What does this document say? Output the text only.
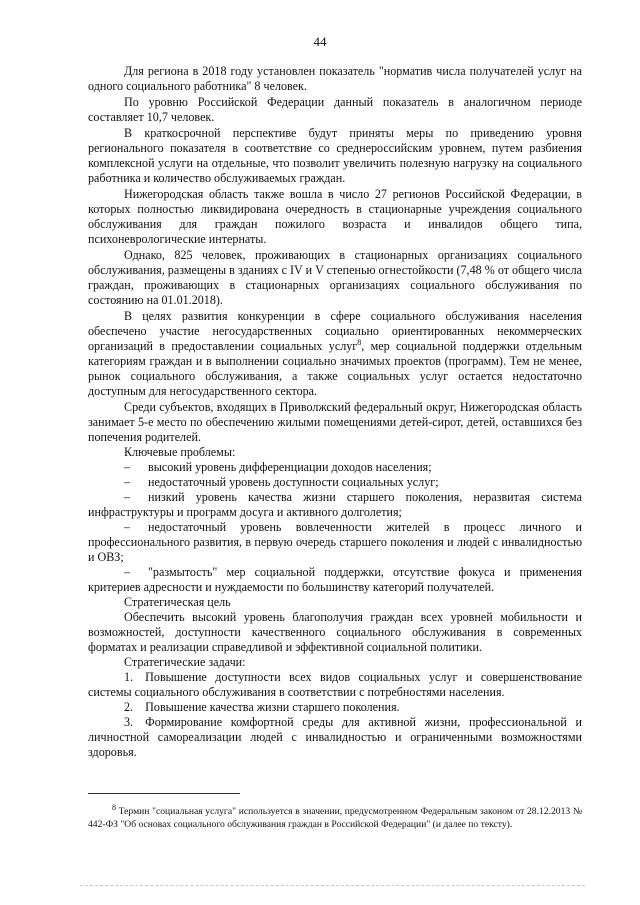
44

Для региона в 2018 году установлен показатель "норматив числа получателей услуг на одного социального работника" 8 человек.

По уровню Российской Федерации данный показатель в аналогичном периоде составляет 10,7 человек.

В краткосрочной перспективе будут приняты меры по приведению уровня регионального показателя в соответствие со среднероссийским уровнем, путем разбиения комплексной услуги на отдельные, что позволит увеличить полезную нагрузку на социального работника и количество обслуживаемых граждан.

Нижегородская область также вошла в число 27 регионов Российской Федерации, в которых полностью ликвидирована очередность в стационарные учреждения социального обслуживания для граждан пожилого возраста и инвалидов общего типа, психоневрологические интернаты.

Однако, 825 человек, проживающих в стационарных организациях социального обслуживания, размещены в зданиях с IV и V степенью огнестойкости (7,48 % от общего числа граждан, проживающих в стационарных организациях социального обслуживания по состоянию на 01.01.2018).

В целях развития конкуренции в сфере социального обслуживания населения обеспечено участие негосударственных социально ориентированных некоммерческих организаций в предоставлении социальных услуг$^8$, мер социальной поддержки отдельным категориям граждан и в выполнении социально значимых проектов (программ). Тем не менее, рынок социального обслуживания, а также социальных услуг остается недостаточно доступным для негосударственного сектора.

Среди субъектов, входящих в Приволжский федеральный округ, Нижегородская область занимает 5-е место по обеспечению жилыми помещениями детей-сирот, детей, оставшихся без попечения родителей.

Ключевые проблемы:

– высокий уровень дифференциации доходов населения;
– недостаточный уровень доступности социальных услуг;
– низкий уровень качества жизни старшего поколения, неразвитая система инфраструктуры и программ досуга и активного долголетия;
– недостаточный уровень вовлеченности жителей в процесс личного и профессионального развития, в первую очередь старшего поколения и людей с инвалидностью и ОВЗ;
– "размытость" мер социальной поддержки, отсутствие фокуса и применения критериев адресности и нуждаемости по большинству категорий получателей.

Стратегическая цель

Обеспечить высокий уровень благополучия граждан всех уровней мобильности и возможностей, доступности качественного социального обслуживания в современных форматах и реализации справедливой и эффективной социальной политики.

Стратегические задачи:

1.  Повышение доступности всех видов социальных услуг и совершенствование системы социального обслуживания в соответствии с потребностями населения.

2.  Повышение качества жизни старшего поколения.

3.  Формирование комфортной среды для активной жизни, профессиональной и личностной самореализации людей с инвалидностью и ограниченными возможностями здоровья.

$^8$ Термин "социальная услуга" используется в значении, предусмотренном Федеральным законом от 28.12.2013 № 442-ФЗ "Об основах социального обслуживания граждан в Российской Федерации" (и далее по тексту).
